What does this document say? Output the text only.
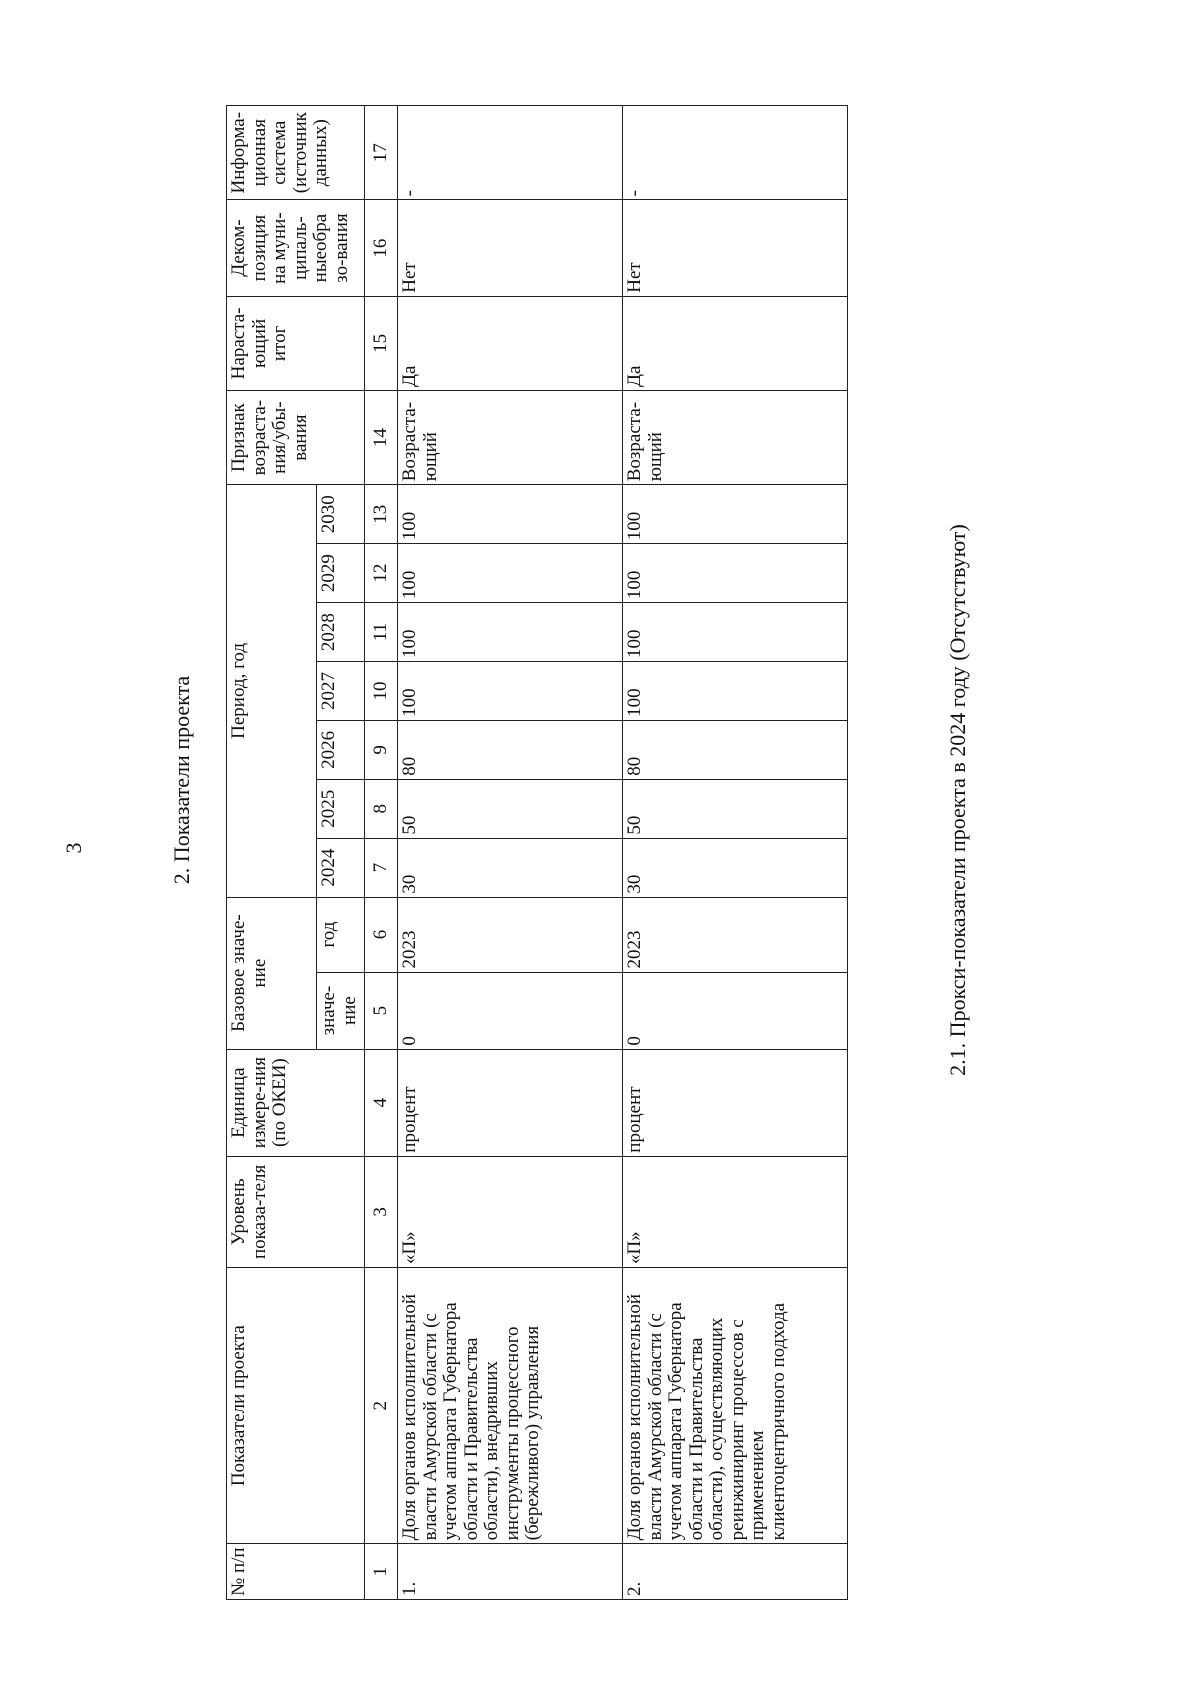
3	2. Показатели проекта	2.1. Прокси-показатели проекта в 2024 году (Отсутствуют)
№ п/п	Показатели проекта	Уровень показа-теля	Единица измере-ния (по ОКЕИ)	Базовое значе-ние		Период, год							Признак возраста-ния/убы-вания	Нараста-ющий итог	Деком-позиция на муни-ципаль-ныеобра зо-вания	Информа-ционная система (источник данных)
				значе-ние	год	2024	2025	2026	2027	2028	2029	2030				
1	2	3	4	5	6	7	8	9	10	11	12	13	14	15	16	17
1.	Доля органов исполнительной власти Амурской области (с учетом аппарата Губернатора области и Правительства области), внедривших инструменты процессного (бережливого) управления	«П»	процент	0	2023	30	50	80	100	100	100	100	Возраста-ющий	Да	Нет	-
2.	Доля органов исполнительной власти Амурской области (с учетом аппарата Губернатора области и Правительства области), осуществляющих реинжиниринг процессов с применением клиентоцентричного подхода	«П»	процент	0	2023	30	50	80	100	100	100	100	Возраста-ющий	Да	Нет	-
